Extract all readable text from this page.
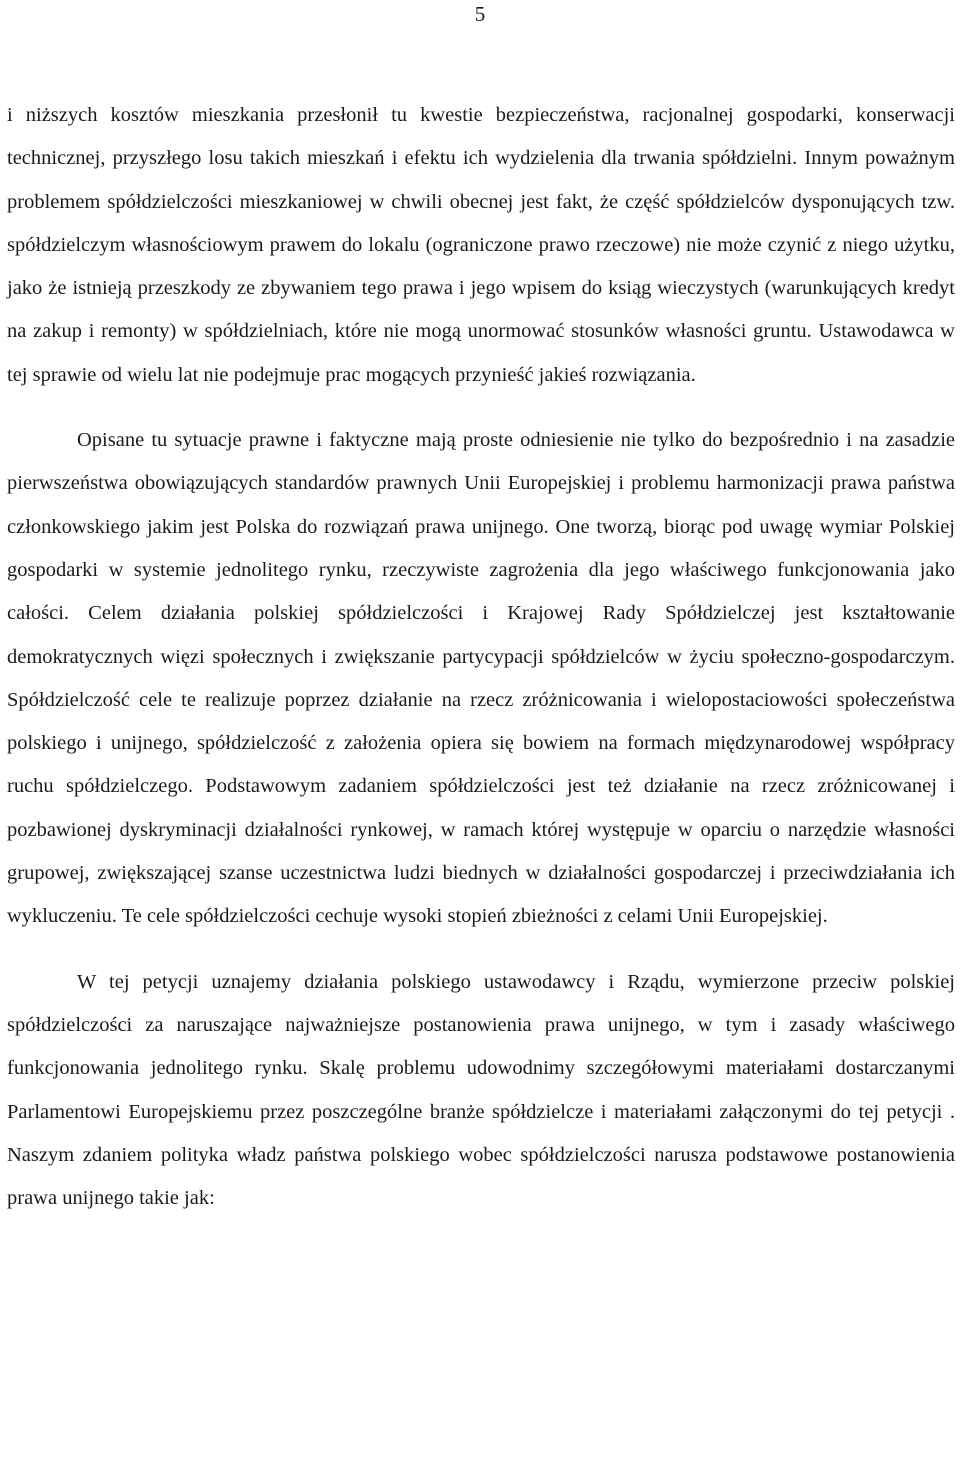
5

i niższych kosztów mieszkania przesłonił tu kwestie bezpieczeństwa, racjonalnej gospodarki, konserwacji technicznej, przyszłego losu takich mieszkań i efektu ich wydzielenia dla trwania spółdzielni. Innym poważnym problemem spółdzielczości mieszkaniowej w chwili obecnej jest fakt, że część spółdzielców dysponujących tzw. spółdzielczym własnościowym prawem do lokalu (ograniczone prawo rzeczowe) nie może czynić z niego użytku, jako że istnieją przeszkody ze zbywaniem tego prawa i jego wpisem do ksiąg wieczystych (warunkujących kredyt na zakup i remonty) w spółdzielniach, które nie mogą unormować stosunków własności gruntu. Ustawodawca w tej sprawie od wielu lat nie podejmuje prac mogących przynieść jakieś rozwiązania.

Opisane tu sytuacje prawne i faktyczne mają proste odniesienie nie tylko do bezpośrednio i na zasadzie pierwszeństwa obowiązujących standardów prawnych Unii Europejskiej i problemu harmonizacji prawa państwa członkowskiego jakim jest Polska do rozwiązań prawa unijnego. One tworzą, biorąc pod uwagę wymiar Polskiej gospodarki w systemie jednolitego rynku, rzeczywiste zagrożenia dla jego właściwego funkcjonowania jako całości. Celem działania polskiej spółdzielczości i Krajowej Rady Spółdzielczej jest kształtowanie demokratycznych więzi społecznych i zwiększanie partycypacji spółdzielców w życiu społeczno-gospodarczym. Spółdzielczość cele te realizuje poprzez działanie na rzecz zróżnicowania i wielopostaciowości społeczeństwa polskiego i unijnego, spółdzielczość z założenia opiera się bowiem na formach międzynarodowej współpracy ruchu spółdzielczego. Podstawowym zadaniem spółdzielczości jest też działanie na rzecz zróżnicowanej i pozbawionej dyskryminacji działalności rynkowej, w ramach której występuje w oparciu o narzędzie własności grupowej, zwiększającej szanse uczestnictwa ludzi biednych w działalności gospodarczej i przeciwdziałania ich wykluczeniu. Te cele spółdzielczości cechuje wysoki stopień zbieżności z celami Unii Europejskiej.

W tej petycji uznajemy działania polskiego ustawodawcy i Rządu, wymierzone przeciw polskiej spółdzielczości za naruszające najważniejsze postanowienia prawa unijnego, w tym i zasady właściwego funkcjonowania jednolitego rynku. Skalę problemu udowodnimy szczegółowymi materiałami dostarczanymi Parlamentowi Europejskiemu przez poszczególne branże spółdzielcze i materiałami załączonymi do tej petycji . Naszym zdaniem polityka władz państwa polskiego wobec spółdzielczości narusza podstawowe postanowienia prawa unijnego takie jak:
